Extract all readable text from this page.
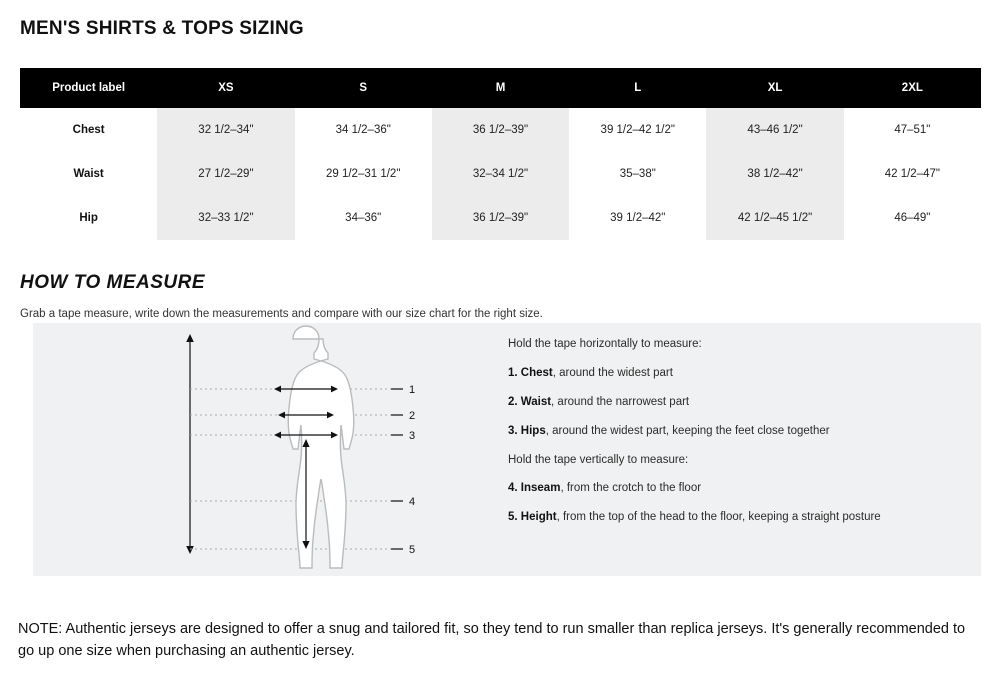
MEN'S SHIRTS & TOPS SIZING
Product label	XS	S	M	L	XL	2XL
Chest	32 1/2–34"	34 1/2–36"	36 1/2–39"	39 1/2–42 1/2"	43–46 1/2"	47–51"
Waist	27 1/2–29"	29 1/2–31 1/2"	32–34 1/2"	35–38"	38 1/2–42"	42 1/2–47"
Hip	32–33 1/2"	34–36"	36 1/2–39"	39 1/2–42"	42 1/2–45 1/2"	46–49"
HOW TO MEASURE
Grab a tape measure, write down the measurements and compare with our size chart for the right size.
1
2
3
4
5
Hold the tape horizontally to measure:
1. Chest, around the widest part
2. Waist, around the narrowest part
3. Hips, around the widest part, keeping the feet close together
Hold the tape vertically to measure:
4. Inseam, from the crotch to the floor
5. Height, from the top of the head to the floor, keeping a straight posture
NOTE: Authentic jerseys are designed to offer a snug and tailored fit, so they tend to run smaller than replica jerseys. It's generally recommended to go up one size when purchasing an authentic jersey.
